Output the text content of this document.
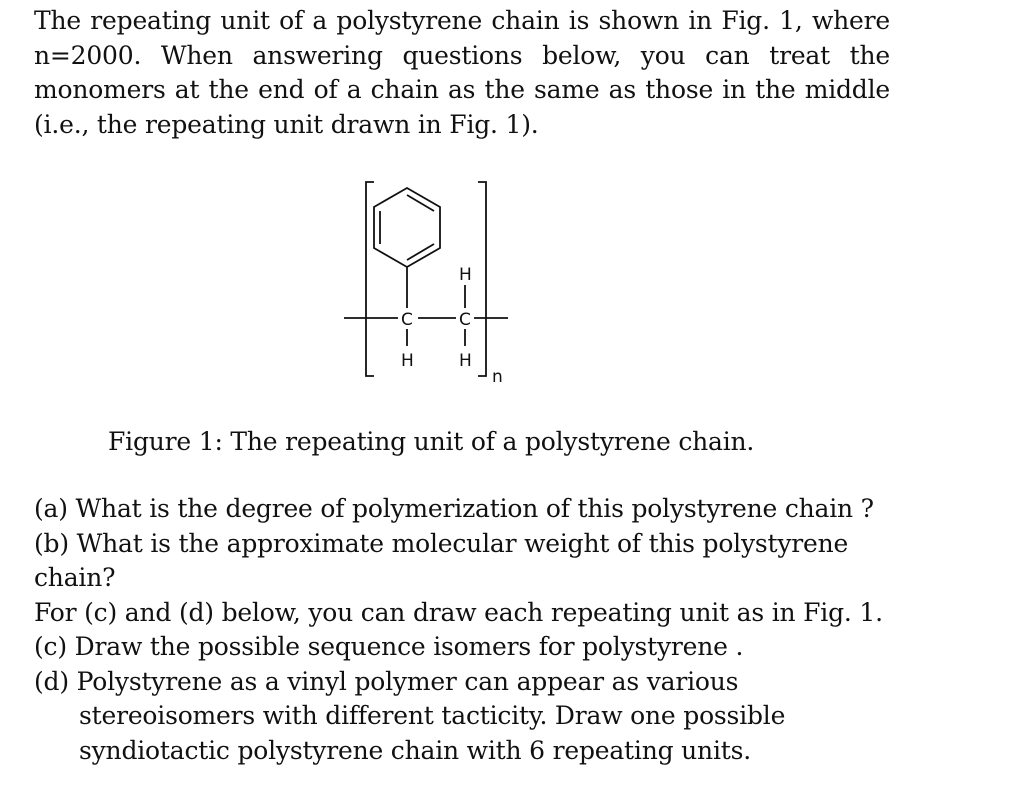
The repeating unit of a polystyrene chain is shown in Fig. 1, where n=2000. When answering questions below, you can treat the monomers at the end of a chain as the same as those in the middle (i.e., the repeating unit drawn in Fig. 1).
C	C
H
H	H
n
Figure 1: The repeating unit of a polystyrene chain.

(a) What is the degree of polymerization of this polystyrene chain ?

(b) What is the approximate molecular weight of this polystyrene chain?

For (c) and (d) below, you can draw each repeating unit as in Fig. 1.

(c) Draw the possible sequence isomers for polystyrene .

(d) Polystyrene as a vinyl polymer can appear as various stereoisomers with different tacticity. Draw one possible syndiotactic polystyrene chain with 6 repeating units.
